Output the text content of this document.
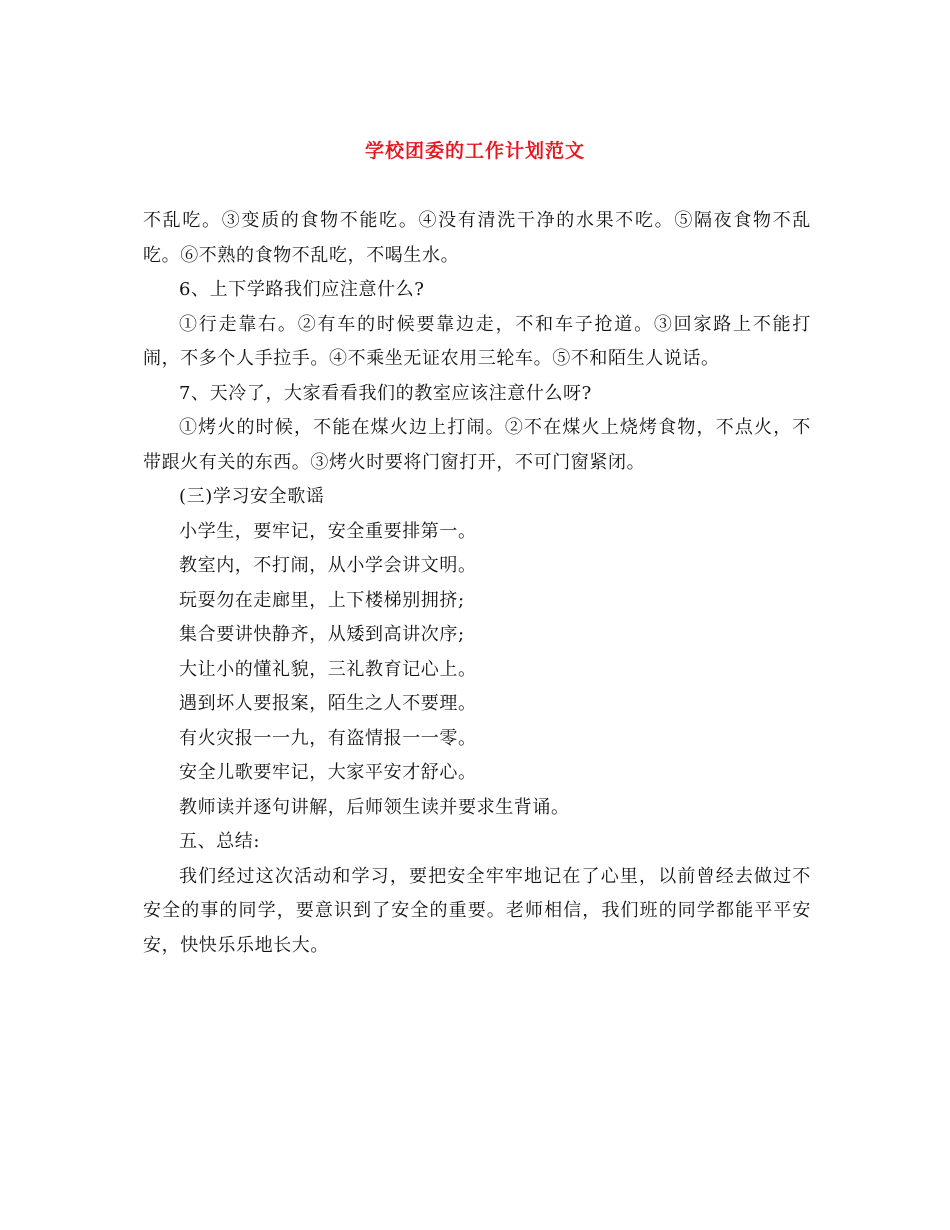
学校团委的工作计划范文

不乱吃。③变质的食物不能吃。④没有清洗干净的水果不吃。⑤隔夜食物不乱吃。⑥不熟的食物不乱吃，不喝生水。

6、上下学路我们应注意什么?

①行走靠右。②有车的时候要靠边走，不和车子抢道。③回家路上不能打闹，不多个人手拉手。④不乘坐无证农用三轮车。⑤不和陌生人说话。

7、天冷了，大家看看我们的教室应该注意什么呀?

①烤火的时候，不能在煤火边上打闹。②不在煤火上烧烤食物，不点火，不带跟火有关的东西。③烤火时要将门窗打开，不可门窗紧闭。

(三)学习安全歌谣

小学生，要牢记，安全重要排第一。

教室内，不打闹，从小学会讲文明。

玩耍勿在走廊里，上下楼梯别拥挤;

集合要讲快静齐，从矮到高讲次序;

大让小的懂礼貌，三礼教育记心上。

遇到坏人要报案，陌生之人不要理。

有火灾报一一九，有盗情报一一零。

安全儿歌要牢记，大家平安才舒心。

教师读并逐句讲解，后师领生读并要求生背诵。

五、总结:

我们经过这次活动和学习，要把安全牢牢地记在了心里，以前曾经去做过不安全的事的同学，要意识到了安全的重要。老师相信，我们班的同学都能平平安安，快快乐乐地长大。
